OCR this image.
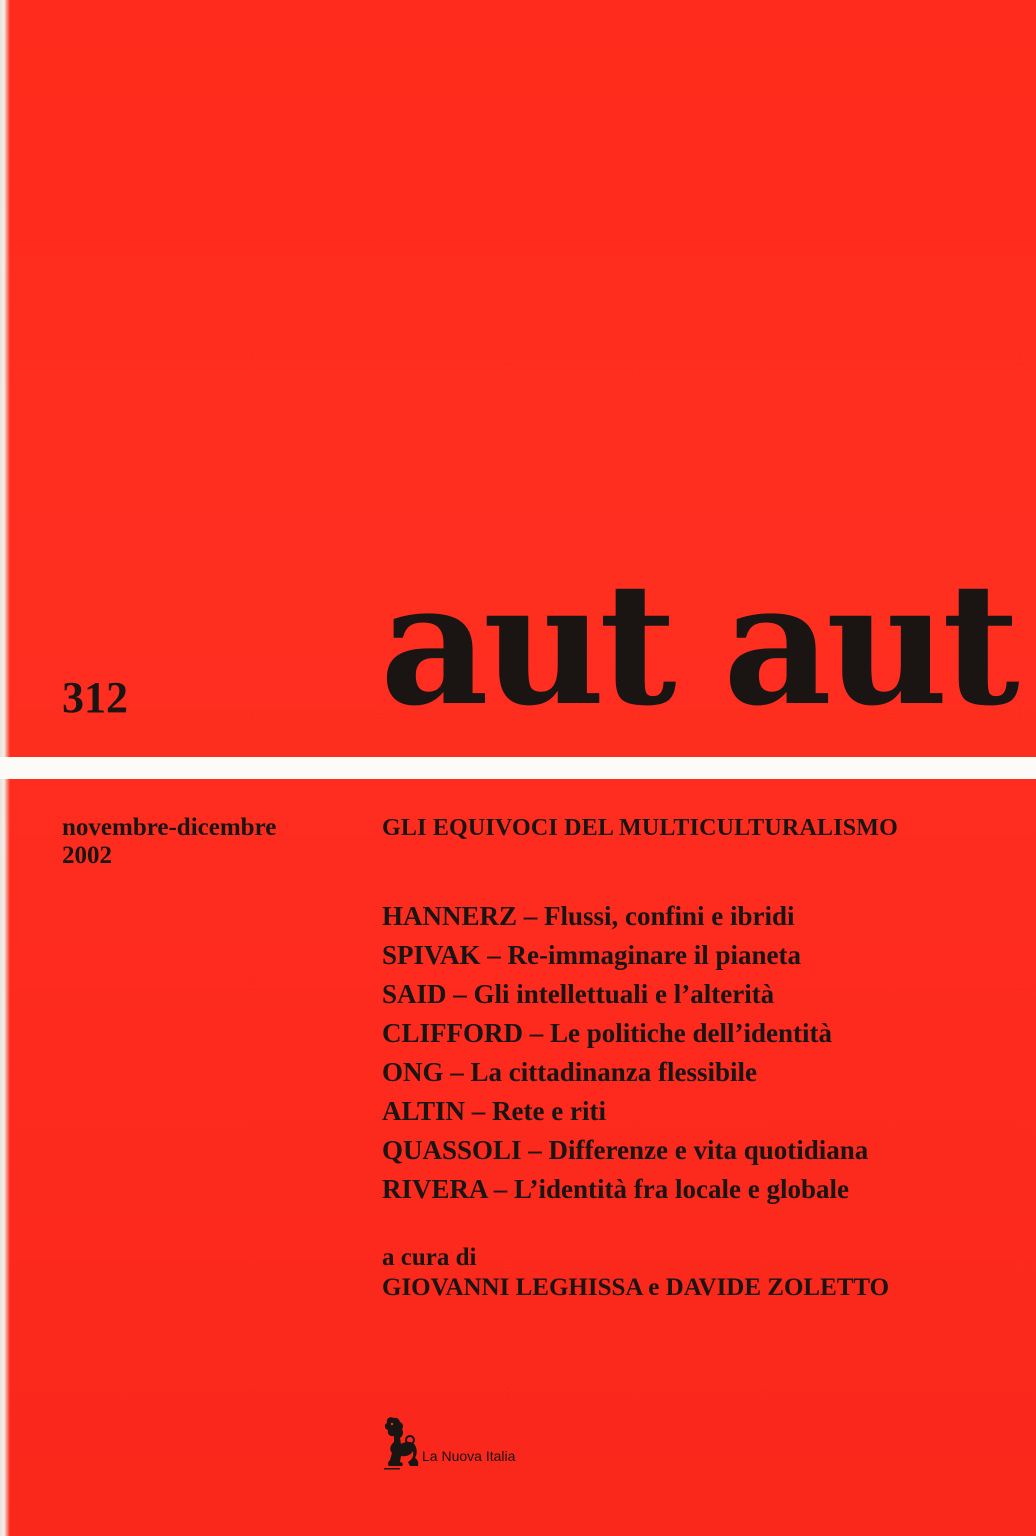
aut aut
312
novembre-dicembre
2002
GLI EQUIVOCI DEL MULTICULTURALISMO
HANNERZ – Flussi, confini e ibridi
SPIVAK – Re-immaginare il pianeta
SAID – Gli intellettuali e l’alterità
CLIFFORD – Le politiche dell’identità
ONG – La cittadinanza flessibile
ALTIN – Rete e riti
QUASSOLI – Differenze e vita quotidiana
RIVERA – L’identità fra locale e globale
a cura di
GIOVANNI LEGHISSA e DAVIDE ZOLETTO
La Nuova Italia
